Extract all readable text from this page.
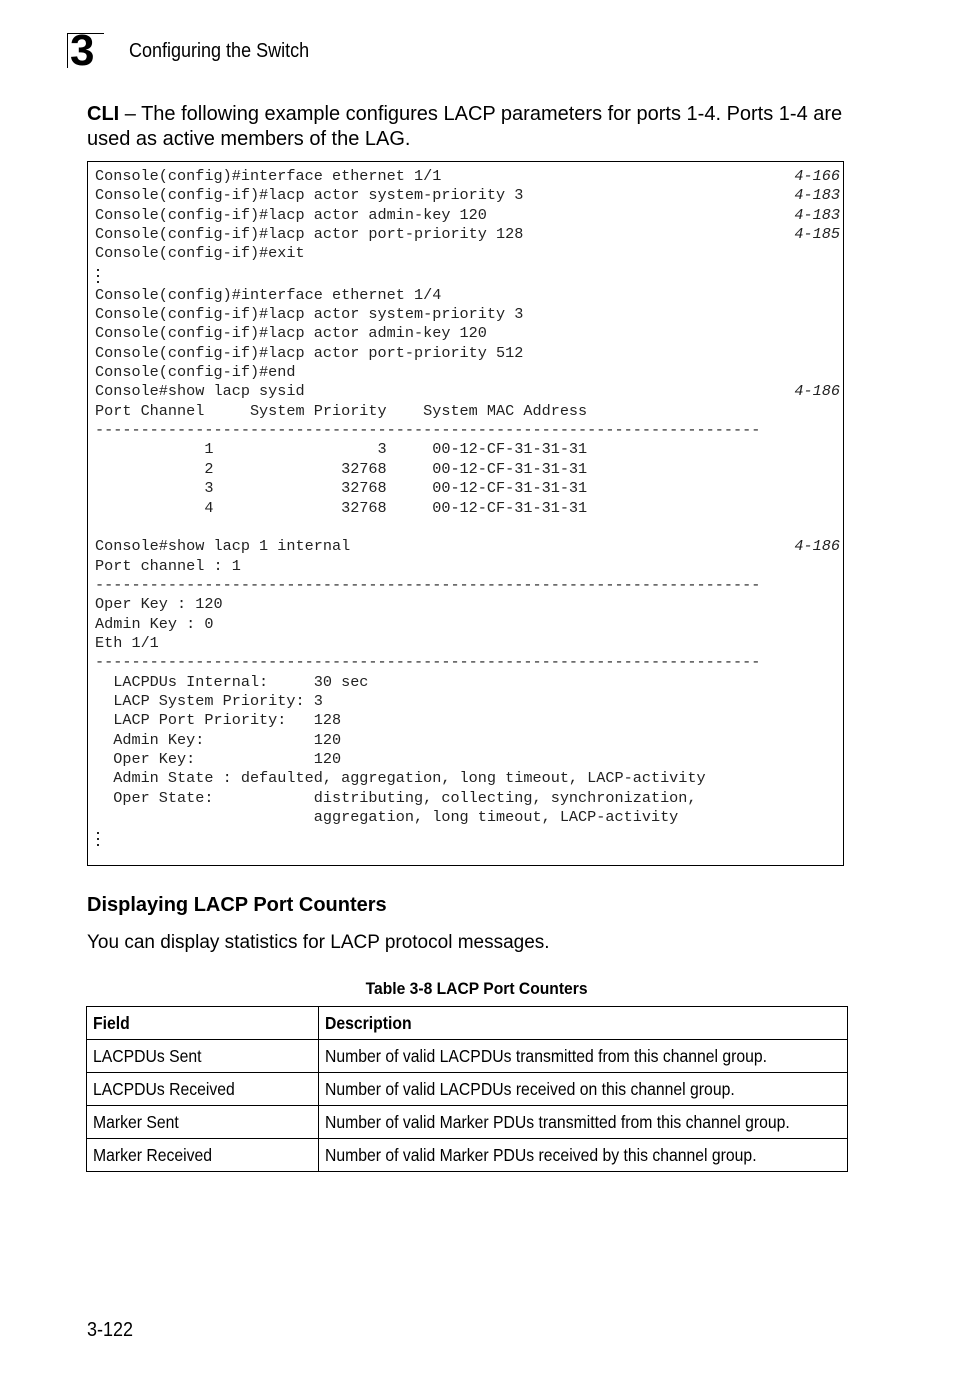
3 Configuring the Switch
CLI – The following example configures LACP parameters for ports 1-4. Ports 1-4 are used as active members of the LAG.
Console(config)#interface ethernet 1/1	4-166
Console(config-if)#lacp actor system-priority 3	4-183
Console(config-if)#lacp actor admin-key 120	4-183
Console(config-if)#lacp actor port-priority 128	4-185
Console(config-if)#exit
Console(config)#interface ethernet 1/4
Console(config-if)#lacp actor system-priority 3
Console(config-if)#lacp actor admin-key 120
Console(config-if)#lacp actor port-priority 512
Console(config-if)#end
Console#show lacp sysid	4-186
Port Channel     System Priority    System MAC Address
-------------------------------------------------------------------------
1                  3     00-12-CF-31-31-31
2              32768     00-12-CF-31-31-31
3              32768     00-12-CF-31-31-31
4              32768     00-12-CF-31-31-31
Console#show lacp 1 internal	4-186
Port channel : 1
-------------------------------------------------------------------------
Oper Key : 120
Admin Key : 0
Eth 1/1
-------------------------------------------------------------------------
LACPDUs Internal:     30 sec
LACP System Priority: 3
LACP Port Priority:   128
Admin Key:            120
Oper Key:             120
Admin State : defaulted, aggregation, long timeout, LACP-activity
Oper State:           distributing, collecting, synchronization,
aggregation, long timeout, LACP-activity
Displaying LACP Port Counters
You can display statistics for LACP protocol messages.
Table 3-8 LACP Port Counters
Field	Description
LACPDUs Sent	Number of valid LACPDUs transmitted from this channel group.
LACPDUs Received	Number of valid LACPDUs received on this channel group.
Marker Sent	Number of valid Marker PDUs transmitted from this channel group.
Marker Received	Number of valid Marker PDUs received by this channel group.
3-122
